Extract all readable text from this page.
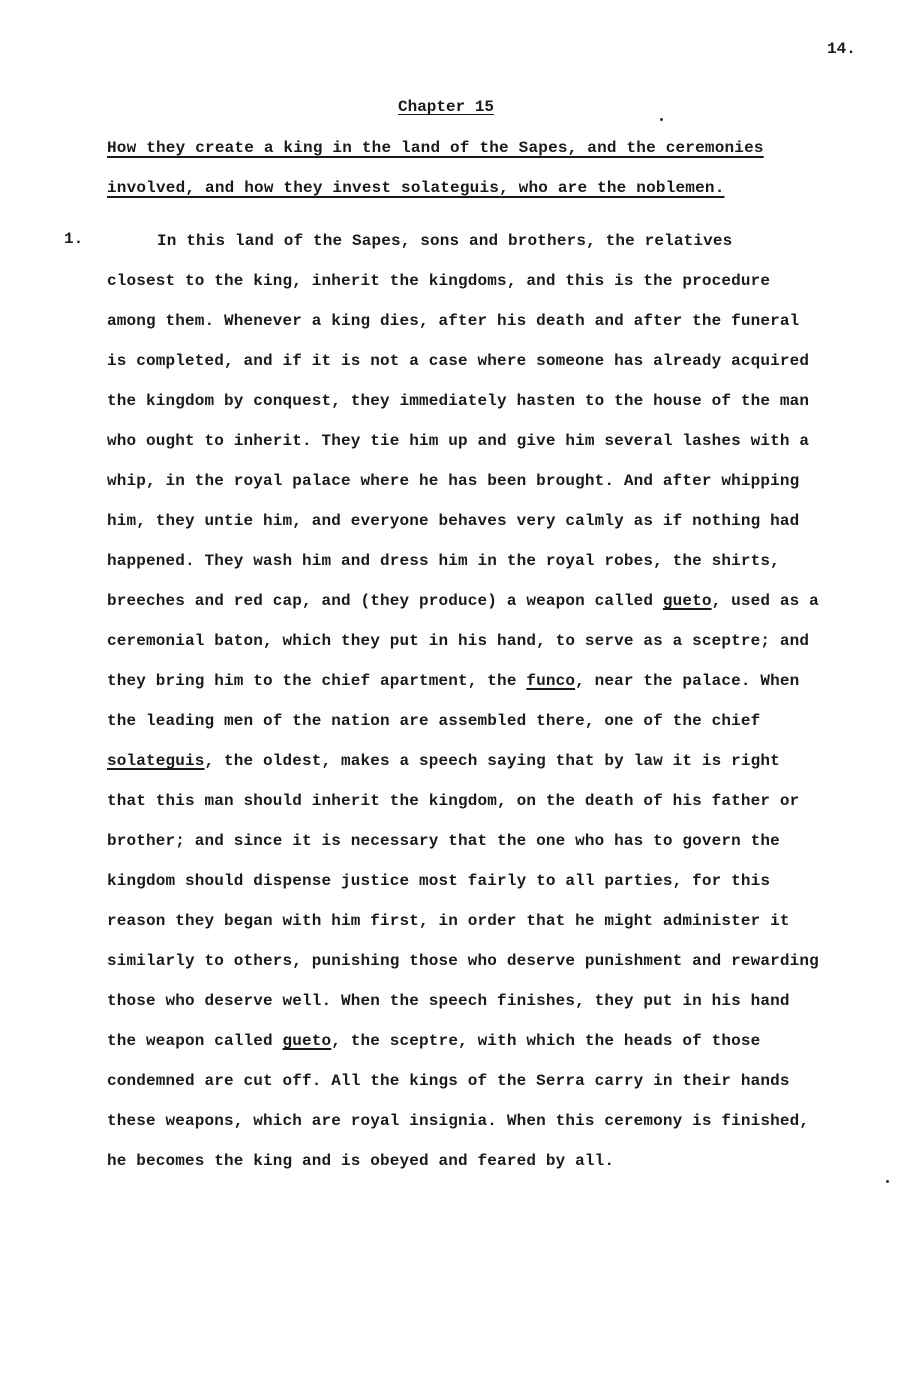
14.
Chapter 15
How they create a king in the land of the Sapes, and the ceremonies
involved, and how they invest solateguis, who are the noblemen.
1.	In this land of the Sapes, sons and brothers, the relatives
closest to the king, inherit the kingdoms, and this is the procedure
among them. Whenever a king dies, after his death and after the funeral
is completed, and if it is not a case where someone has already acquired
the kingdom by conquest, they immediately hasten to the house of the man
who ought to inherit. They tie him up and give him several lashes with a
whip, in the royal palace where he has been brought. And after whipping
him, they untie him, and everyone behaves very calmly as if nothing had
happened. They wash him and dress him in the royal robes, the shirts,
breeches and red cap, and (they produce) a weapon called gueto, used as a
ceremonial baton, which they put in his hand, to serve as a sceptre; and
they bring him to the chief apartment, the funco, near the palace. When
the leading men of the nation are assembled there, one of the chief
solateguis, the oldest, makes a speech saying that by law it is right
that this man should inherit the kingdom, on the death of his father or
brother; and since it is necessary that the one who has to govern the
kingdom should dispense justice most fairly to all parties, for this
reason they began with him first, in order that he might administer it
similarly to others, punishing those who deserve punishment and rewarding
those who deserve well. When the speech finishes, they put in his hand
the weapon called gueto, the sceptre, with which the heads of those
condemned are cut off. All the kings of the Serra carry in their hands
these weapons, which are royal insignia. When this ceremony is finished,
he becomes the king and is obeyed and feared by all.
